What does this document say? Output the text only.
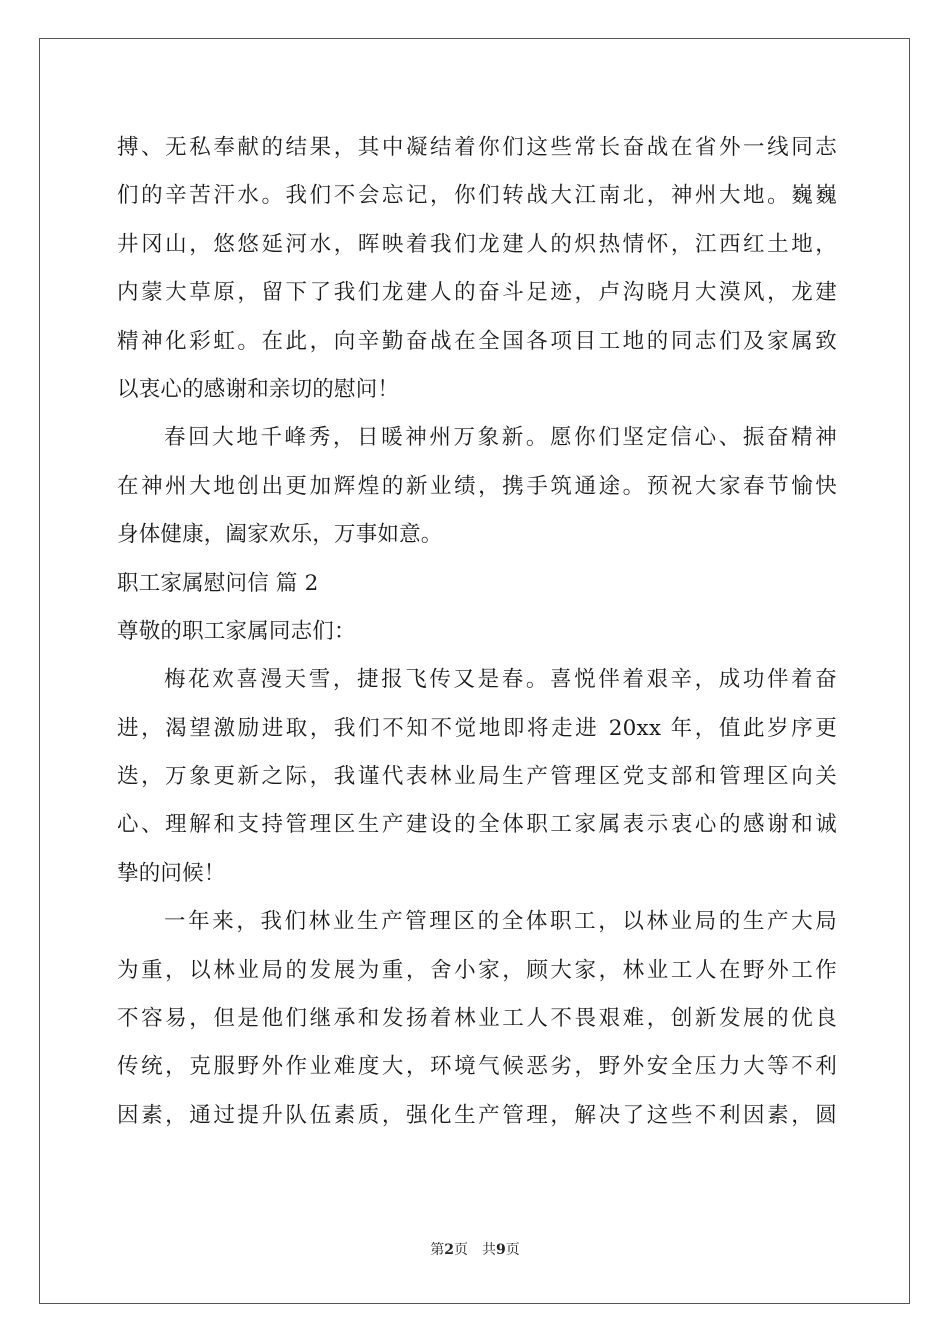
搏、无私奉献的结果，其中凝结着你们这些常长奋战在省外一线同志
们的辛苦汗水。我们不会忘记，你们转战大江南北，神州大地。巍巍
井冈山，悠悠延河水，晖映着我们龙建人的炽热情怀，江西红土地，
内蒙大草原，留下了我们龙建人的奋斗足迹，卢沟晓月大漠风，龙建
精神化彩虹。在此，向辛勤奋战在全国各项目工地的同志们及家属致
以衷心的感谢和亲切的慰问！
春回大地千峰秀，日暖神州万象新。愿你们坚定信心、振奋精神
在神州大地创出更加辉煌的新业绩，携手筑通途。预祝大家春节愉快
身体健康，阖家欢乐，万事如意。
职工家属慰问信 篇 2
尊敬的职工家属同志们：
梅花欢喜漫天雪，捷报飞传又是春。喜悦伴着艰辛，成功伴着奋
进，渴望激励进取，我们不知不觉地即将走进 20xx 年，值此岁序更
迭，万象更新之际，我谨代表林业局生产管理区党支部和管理区向关
心、理解和支持管理区生产建设的全体职工家属表示衷心的感谢和诚
挚的问候！
一年来，我们林业生产管理区的全体职工，以林业局的生产大局
为重，以林业局的发展为重，舍小家，顾大家，林业工人在野外工作
不容易，但是他们继承和发扬着林业工人不畏艰难，创新发展的优良
传统，克服野外作业难度大，环境气候恶劣，野外安全压力大等不利
因素，通过提升队伍素质，强化生产管理，解决了这些不利因素，圆
第2页 共9页
